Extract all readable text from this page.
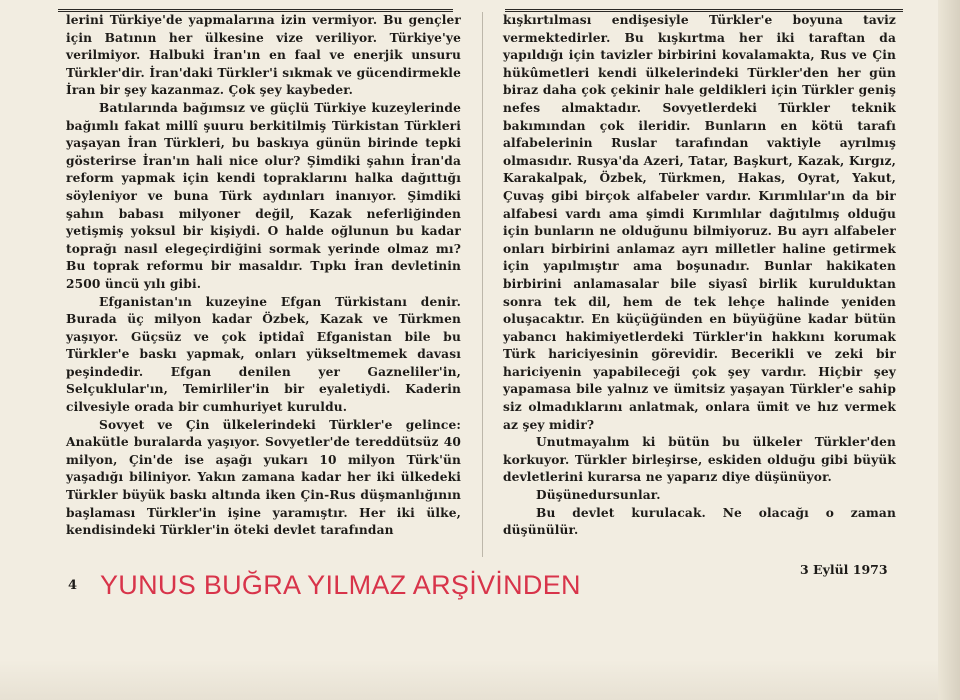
lerini Türkiye'de yapmalarına izin vermiyor. Bu gençler için Batının her ülkesine vize veriliyor. Türkiye'ye verilmiyor. Halbuki İran'ın en faal ve enerjik unsuru Türkler'dir. İran'daki Türkler'i sıkmak ve gücendirmekle İran bir şey kazanmaz. Çok şey kaybeder.

Batılarında bağımsız ve güçlü Türkiye kuzeylerinde bağımlı fakat millî şuuru berkitilmiş Türkistan Türkleri yaşayan İran Türkleri, bu baskıya günün birinde tepki gösterirse İran'ın hali nice olur? Şimdiki şahın İran'da reform yapmak için kendi topraklarını halka dağıttığı söyleniyor ve buna Türk aydınları inanıyor. Şimdiki şahın babası milyoner değil, Kazak neferliğinden yetişmiş yoksul bir kişiydi. O halde oğlunun bu kadar toprağı nasıl elegeçirdiğini sormak yerinde olmaz mı? Bu toprak reformu bir masaldır. Tıpkı İran devletinin 2500 üncü yılı gibi.

Efganistan'ın kuzeyine Efgan Türkistanı denir. Burada üç milyon kadar Özbek, Kazak ve Türkmen yaşıyor. Güçsüz ve çok iptidaî Efganistan bile bu Türkler'e baskı yapmak, onları yükseltmemek davası peşindedir. Efgan denilen yer Gazneliler'in, Selçuklular'ın, Temirliler'in bir eyaletiydi. Kaderin cilvesiyle orada bir cumhuriyet kuruldu.

Sovyet ve Çin ülkelerindeki Türkler'e gelince: Anakütle buralarda yaşıyor. Sovyetler'de tereddütsüz 40 milyon, Çin'de ise aşağı yukarı 10 milyon Türk'ün yaşadığı biliniyor. Yakın zamana kadar her iki ülkedeki Türkler büyük baskı altında iken Çin-Rus düşmanlığının başlaması Türkler'in işine yaramıştır. Her iki ülke, kendisindeki Türkler'in öteki devlet tarafından

kışkırtılması endişesiyle Türkler'e boyuna taviz vermektedirler. Bu kışkırtma her iki taraftan da yapıldığı için tavizler birbirini kovalamakta, Rus ve Çin hükûmetleri kendi ülkelerindeki Türkler'den her gün biraz daha çok çekinir hale geldikleri için Türkler geniş nefes almaktadır. Sovyetlerdeki Türkler teknik bakımından çok ileridir. Bunların en kötü tarafı alfabelerinin Ruslar tarafından vaktiyle ayrılmış olmasıdır. Rusya'da Azeri, Tatar, Başkurt, Kazak, Kırgız, Karakalpak, Özbek, Türkmen, Hakas, Oyrat, Yakut, Çuvaş gibi birçok alfabeler vardır. Kırımlılar'ın da bir alfabesi vardı ama şimdi Kırımlılar dağıtılmış olduğu için bunların ne olduğunu bilmiyoruz. Bu ayrı alfabeler onları birbirini anlamaz ayrı milletler haline getirmek için yapılmıştır ama boşunadır. Bunlar hakikaten birbirini anlamasalar bile siyasî birlik kurulduktan sonra tek dil, hem de tek lehçe halinde yeniden oluşacaktır. En küçüğünden en büyüğüne kadar bütün yabancı hakimiyetlerdeki Türkler'in hakkını korumak Türk hariciyesinin görevidir. Becerikli ve zeki bir hariciyenin yapabileceği çok şey vardır. Hiçbir şey yapamasa bile yalnız ve ümitsiz yaşayan Türkler'e sahip siz olmadıklarını anlatmak, onlara ümit ve hız vermek az şey midir?

Unutmayalım ki bütün bu ülkeler Türkler'den korkuyor. Türkler birleşirse, eskiden olduğu gibi büyük devletlerini kurarsa ne yaparız diye düşünüyor.

Düşünedursunlar.

Bu devlet kurulacak. Ne olacağı o zaman düşünülür.

4 YUNUS BUĞRA YILMAZ ARŞİVİNDEN
3 Eylül 1973
